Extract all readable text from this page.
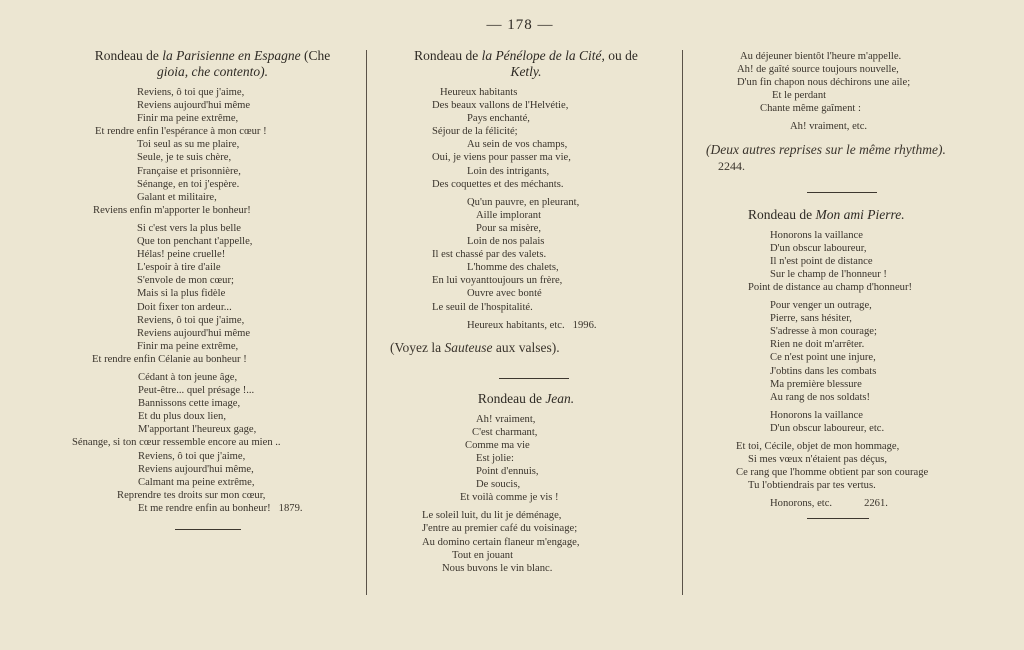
— 178 —
Rondeau de la Parisienne en Espagne (Che
gioia, che contento).
Reviens, ô toi que j'aime,
Reviens aujourd'hui même
Finir ma peine extrême,
Et rendre enfin l'espérance à mon cœur !
Toi seul as su me plaire,
Seule, je te suis chère,
Française et prisonnière,
Sénange, en toi j'espère.
Galant et militaire,
Reviens enfin m'apporter le bonheur!
Si c'est vers la plus belle
Que ton penchant t'appelle,
Hélas! peine cruelle!
L'espoir à tire d'aile
S'envole de mon cœur;
Mais si la plus fidèle
Doit fixer ton ardeur...
Reviens, ô toi que j'aime,
Reviens aujourd'hui même
Finir ma peine extrême,
Et rendre enfin Célanie au bonheur !
Cédant à ton jeune âge,
Peut-être... quel présage !...
Bannissons cette image,
Et du plus doux lien,
M'apportant l'heureux gage,
Sénange, si ton cœur ressemble encore au mien ..
Reviens, ô toi que j'aime,
Reviens aujourd'hui même,
Calmant ma peine extrême,
Reprendre tes droits sur mon cœur,
Et me rendre enfin au bonheur! 1879.
Rondeau de la Pénélope de la Cité, ou de
Ketly.
Heureux habitants
Des beaux vallons de l'Helvétie,
Pays enchanté,
Séjour de la félicité;
Au sein de vos champs,
Oui, je viens pour passer ma vie,
Loin des intrigants,
Des coquettes et des méchants.
Qu'un pauvre, en pleurant,
Aille implorant
Pour sa misère,
Loin de nos palais
Il est chassé par des valets.
L'homme des chalets,
En lui voyanttoujours un frère,
Ouvre avec bonté
Le seuil de l'hospitalité.
Heureux habitants, etc. 1996.
(Voyez la Sauteuse aux valses).
Rondeau de Jean.
Ah! vraiment,
C'est charmant,
Comme ma vie
Est jolie:
Point d'ennuis,
De soucis,
Et voilà comme je vis !
Le soleil luit, du lit je déménage,
J'entre au premier café du voisinage;
Au domino certain flaneur m'engage,
Tout en jouant
Nous buvons le vin blanc.
Au déjeuner bientôt l'heure m'appelle.
Ah! de gaîté source toujours nouvelle,
D'un fin chapon nous déchirons une aile;
Et le perdant
Chante même gaîment :
Ah! vraiment, etc.
(Deux autres reprises sur le même rhythme).
2244.
Rondeau de Mon ami Pierre.
Honorons la vaillance
D'un obscur laboureur,
Il n'est point de distance
Sur le champ de l'honneur !
Point de distance au champ d'honneur!
Pour venger un outrage,
Pierre, sans hésiter,
S'adresse à mon courage;
Rien ne doit m'arrêter.
Ce n'est point une injure,
J'obtins dans les combats
Ma première blessure
Au rang de nos soldats!
Honorons la vaillance
D'un obscur laboureur, etc.
Et toi, Cécile, objet de mon hommage,
Si mes vœux n'étaient pas déçus,
Ce rang que l'homme obtient par son courage
Tu l'obtiendrais par tes vertus.
Honorons, etc.	2261.
